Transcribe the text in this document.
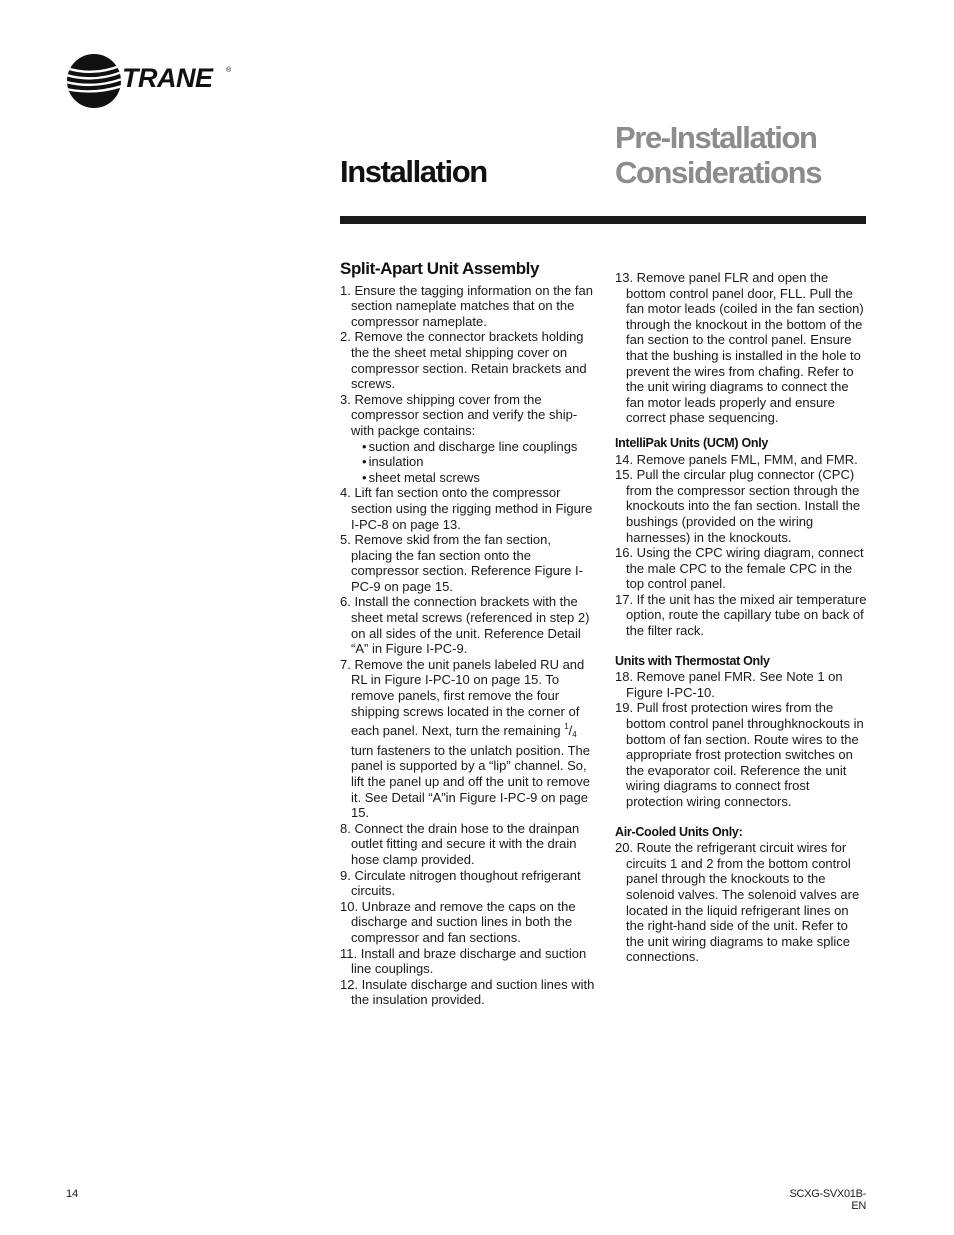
TRANE ®
Installation
Pre-Installation
Considerations
Split-Apart Unit Assembly
1. Ensure the tagging information on the fan section nameplate matches that on the compressor nameplate.
2. Remove the connector brackets holding the the sheet metal shipping cover on compressor section. Retain brackets and screws.
3. Remove shipping cover from the compressor section and verify the ship-with packge contains:
• suction and discharge line couplings
• insulation
• sheet metal screws
4. Lift fan section onto the compressor section using the rigging method in Figure I-PC-8 on page 13.
5. Remove skid from the fan section, placing the fan section onto the compressor section. Reference Figure I-PC-9 on page 15.
6. Install the connection brackets with the sheet metal screws (referenced in step 2) on all sides of the unit. Reference Detail “A” in Figure I-PC-9.
7. Remove the unit panels labeled RU and RL in Figure I-PC-10 on page 15. To remove panels, first remove the four shipping screws located in the corner of each panel. Next, turn the remaining $^1/_4$ turn fasteners to the unlatch position. The panel is supported by a “lip” channel. So, lift the panel up and off the unit to remove it. See Detail “A”in Figure I-PC-9 on page 15.
8. Connect the drain hose to the drainpan outlet fitting and secure it with the drain hose clamp provided.
9. Circulate nitrogen thoughout refrigerant circuits.
10. Unbraze and remove the caps on the discharge and suction lines in both the compressor and fan sections.
11. Install and braze discharge and suction line couplings.
12. Insulate discharge and suction lines with the insulation provided.
13. Remove panel FLR and open the bottom control panel door, FLL. Pull the fan motor leads (coiled in the fan section) through the knockout in the bottom of the fan section to the control panel. Ensure that the bushing is installed in the hole to prevent the wires from chafing. Refer to the unit wiring diagrams to connect the fan motor leads properly and ensure correct phase sequencing.

IntelliPak Units (UCM) Only

14. Remove panels FML, FMM, and FMR.
15. Pull the circular plug connector (CPC) from the compressor section through the knockouts into the fan section. Install the bushings (provided on the wiring harnesses) in the knockouts.
16. Using the CPC wiring diagram, connect the male CPC to the female CPC in the top control panel.
17. If the unit has the mixed air temperature option, route the capillary tube on back of the filter rack.

Units with Thermostat Only

18. Remove panel FMR. See Note 1 on Figure I-PC-10.
19. Pull frost protection wires from the bottom control panel throughknockouts in bottom of fan section. Route wires to the appropriate frost protection switches on the evaporator coil. Reference the unit wiring diagrams to connect frost protection wiring connectors.

Air-Cooled Units Only:

20. Route the refrigerant circuit wires for circuits 1 and 2 from the bottom control panel through the knockouts to the solenoid valves. The solenoid valves are located in the liquid refrigerant lines on the right-hand side of the unit. Refer to the unit wiring diagrams to make splice connections.
14	SCXG-SVX01B-EN
